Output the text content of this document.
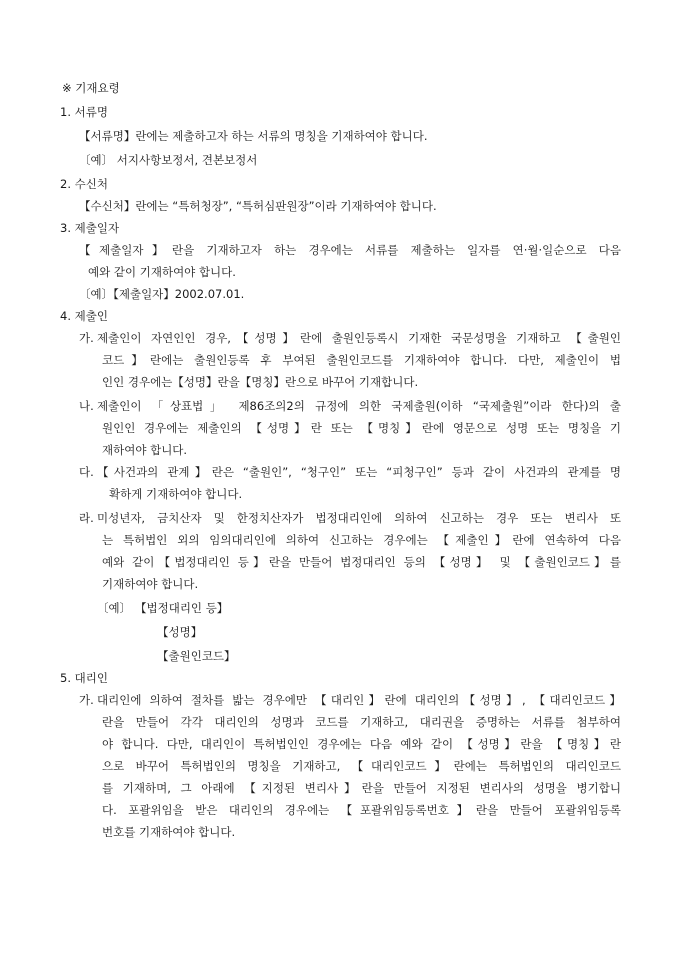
※ 기재요령
1. 서류명
【서류명】란에는 제출하고자 하는 서류의 명칭을 기재하여야 합니다.
〔예〕 서지사항보정서, 견본보정서
2. 수신처
【수신처】란에는 “특허청장”, “특허심판원장”이라 기재하여야 합니다.
3. 제출일자
【제출일자】란을 기재하고자 하는 경우에는 서류를 제출하는 일자를 연·월·일순으로 다음
예와 같이 기재하여야 합니다.
〔예〕【제출일자】2002.07.01.
4. 제출인
가. 제출인이 자연인인 경우,【성명】란에 출원인등록시 기재한 국문성명을 기재하고 【출원인
코드】란에는 출원인등록 후 부여된 출원인코드를 기재하여야 합니다. 다만, 제출인이 법
인인 경우에는【성명】란을【명칭】란으로 바꾸어 기재합니다.
나. 제출인이 「상표법」 제86조의2의 규정에 의한 국제출원(이하 “국제출원”이라 한다)의 출
원인인 경우에는 제출인의 【성명】란 또는 【명칭】란에 영문으로 성명 또는 명칭을 기
재하여야 합니다.
다. 【사건과의 관계】란은 “출원인”, “청구인” 또는 “피청구인” 등과 같이 사건과의 관계를 명
확하게 기재하여야 합니다.
라. 미성년자, 금치산자 및 한정치산자가 법정대리인에 의하여 신고하는 경우 또는 변리사 또
는 특허법인 외의 임의대리인에 의하여 신고하는 경우에는 【제출인】란에 연속하여 다음
예와 같이【법정대리인 등】란을 만들어 법정대리인 등의 【성명】 및 【출원인코드】를
기재하여야 합니다.
〔예〕 【법정대리인 등】
【성명】
【출원인코드】
5. 대리인
가. 대리인에 의하여 절차를 밟는 경우에만 【대리인】란에 대리인의【성명】, 【대리인코드】
란을 만들어 각각 대리인의 성명과 코드를 기재하고, 대리권을 증명하는 서류를 첨부하여
야 합니다. 다만, 대리인이 특허법인인 경우에는 다음 예와 같이 【성명】란을 【명칭】란
으로 바꾸어 특허법인의 명칭을 기재하고, 【대리인코드】란에는 특허법인의 대리인코드
를 기재하며, 그 아래에 【지정된 변리사】란을 만들어 지정된 변리사의 성명을 병기합니
다. 포괄위임을 받은 대리인의 경우에는 【포괄위임등록번호】란을 만들어 포괄위임등록
번호를 기재하여야 합니다.
